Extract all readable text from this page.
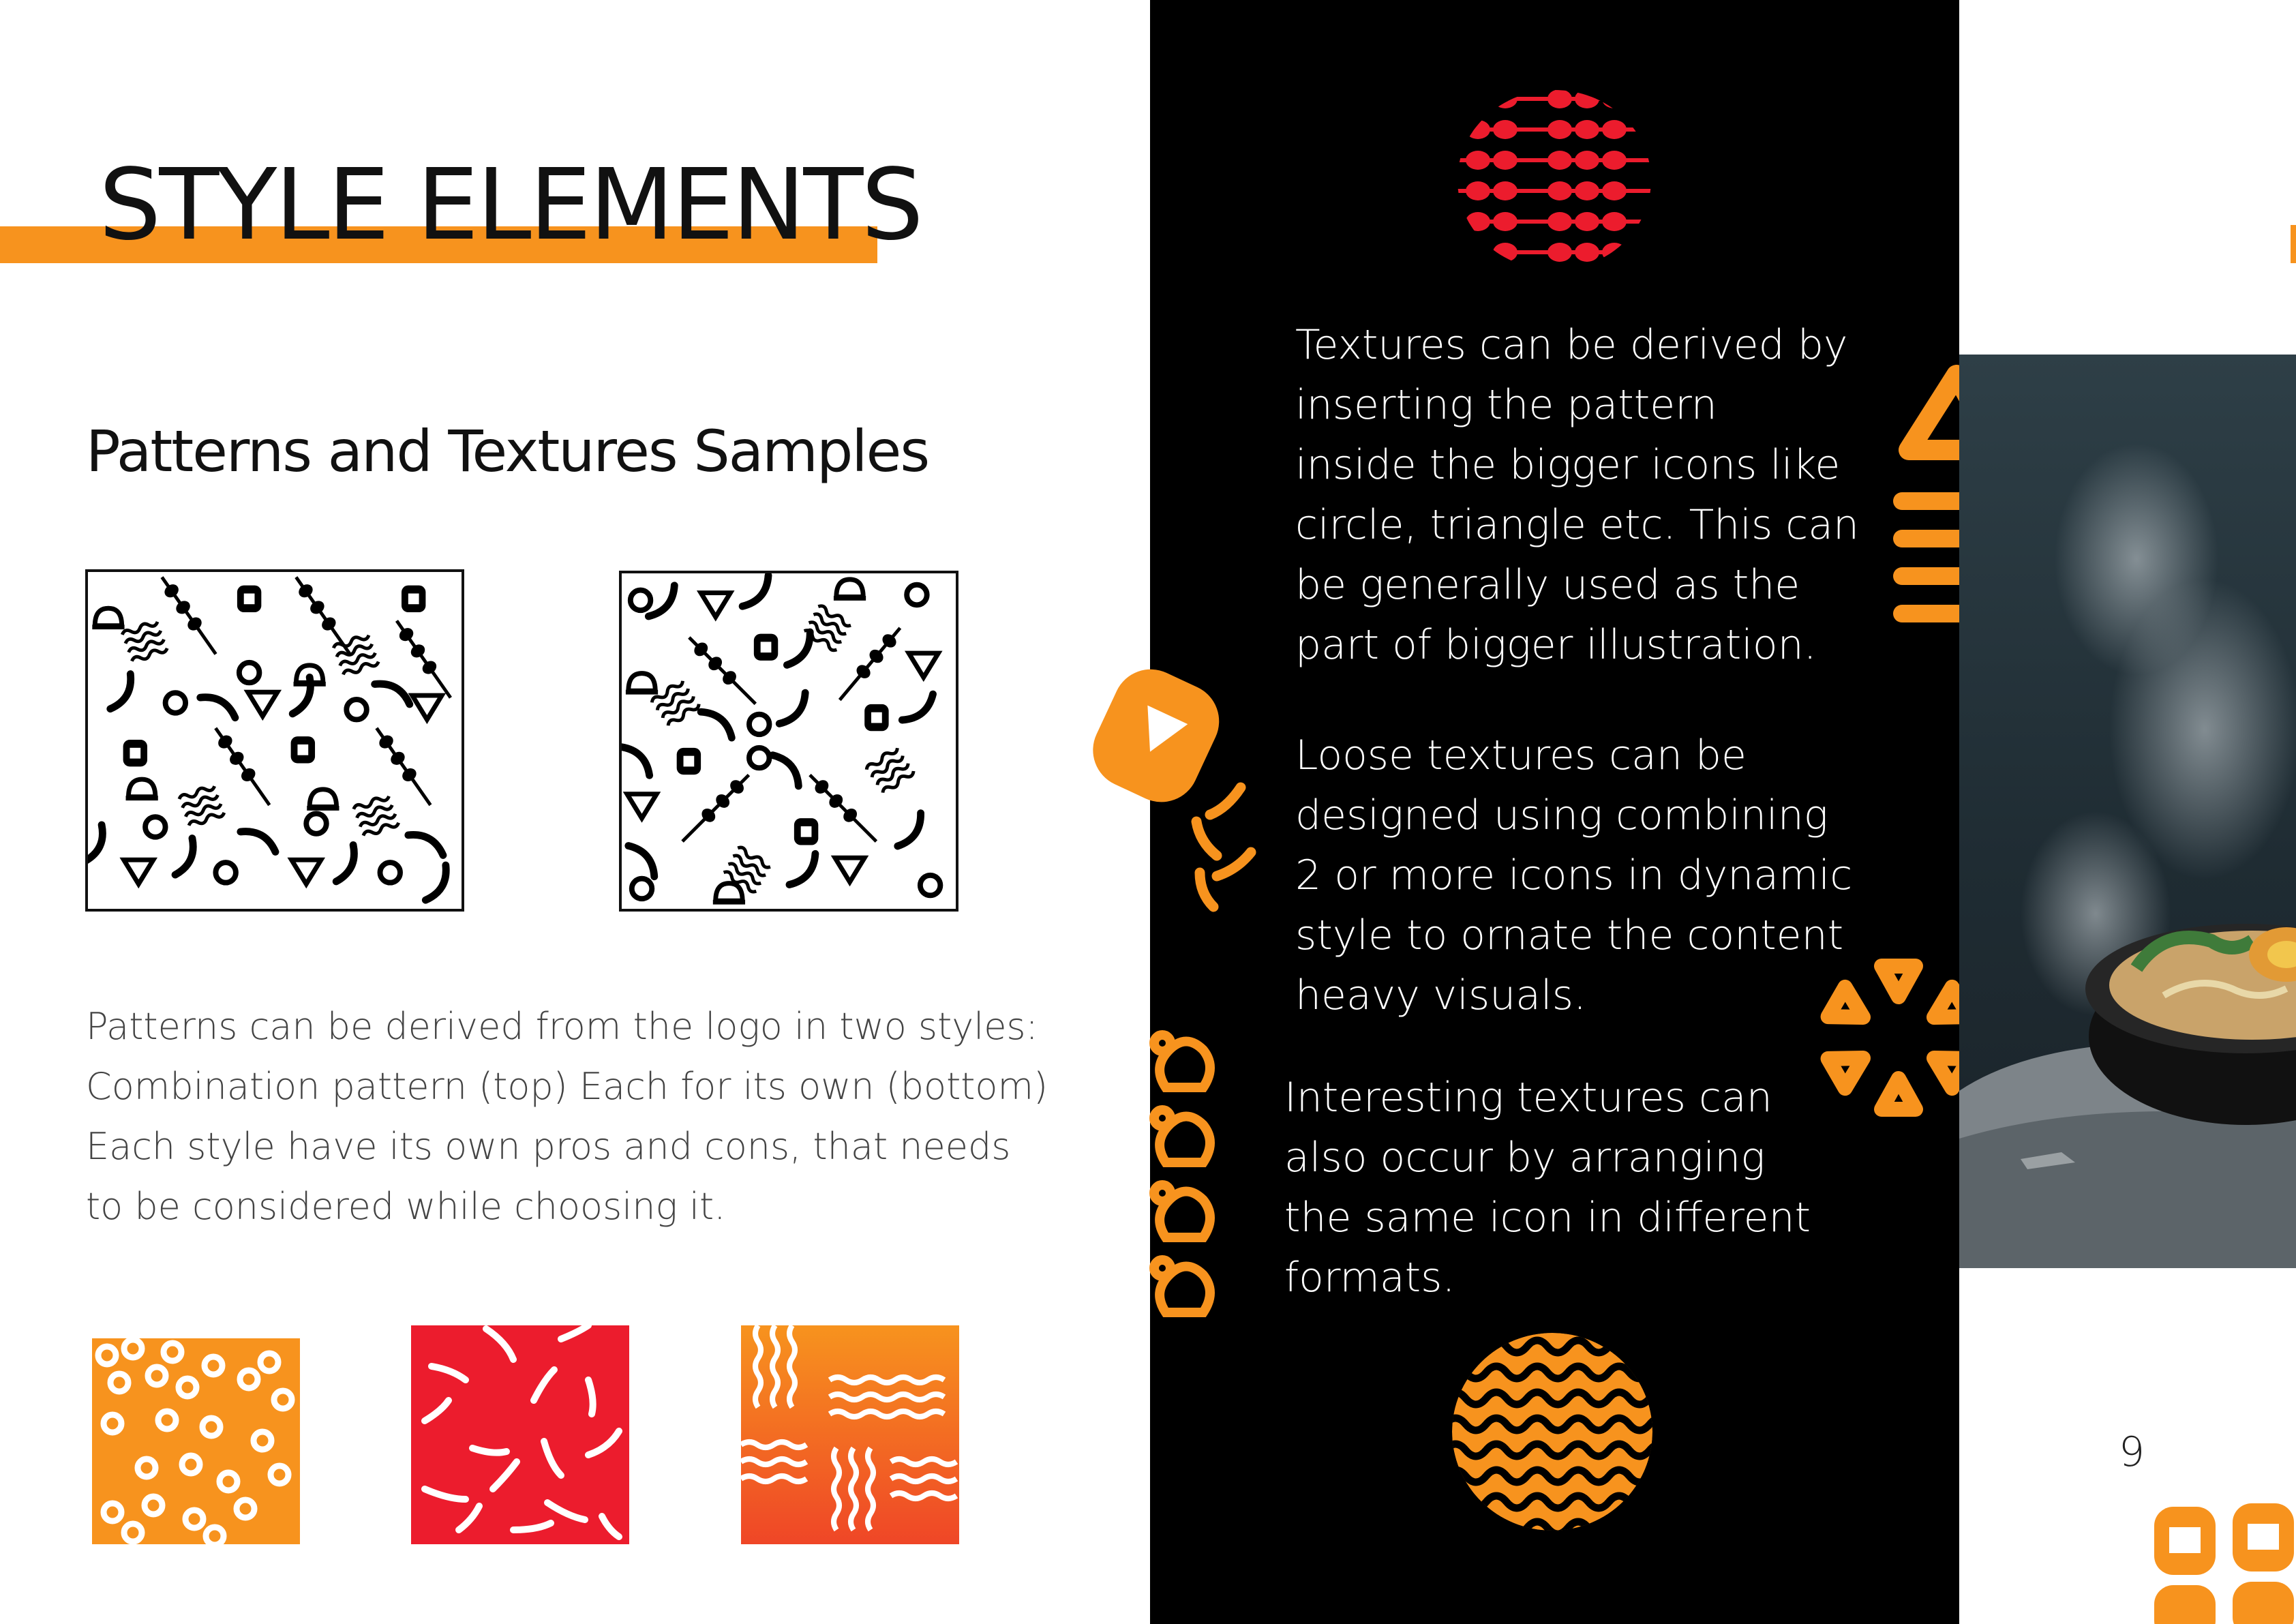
STYLE ELEMENTS
Patterns and Textures Samples
Patterns can be derived from the logo in two styles:
Combination pattern (top) Each for its own (bottom)
Each style have its own pros and cons, that needs
to be considered while choosing it.
Textures can be derived by
inserting the pattern
inside the bigger icons like
circle, triangle etc. This can
be generally used as the
part of bigger illustration.
Loose textures can be
designed using combining
2 or more icons in dynamic
style to ornate the content
heavy visuals.
Interesting textures can
also occur by arranging
the same icon in different
formats.
9
